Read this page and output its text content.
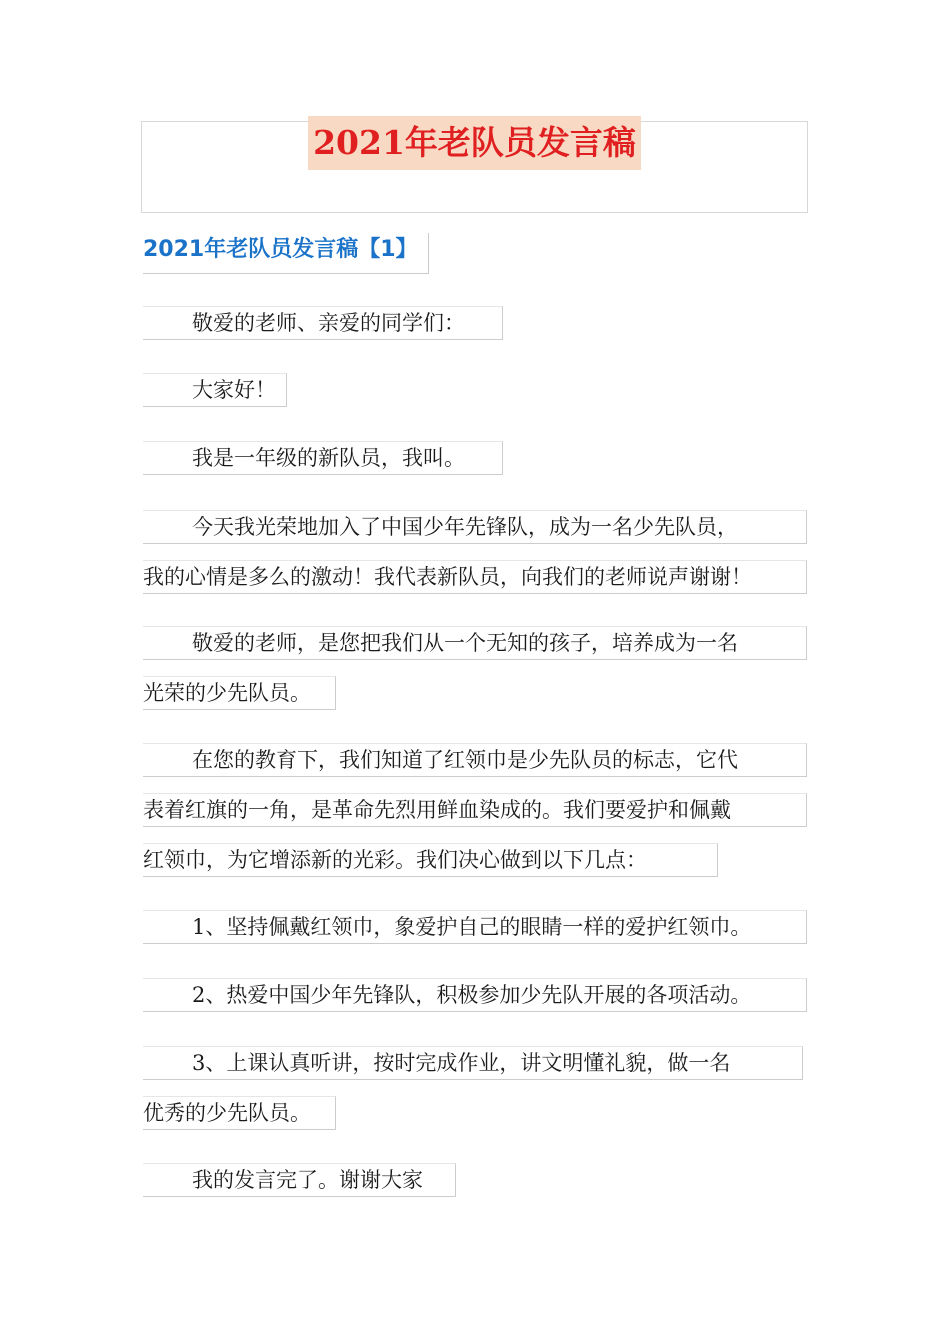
2021年老队员发言稿
2021年老队员发言稿【1】
敬爱的老师、亲爱的同学们：
大家好！
我是一年级的新队员，我叫。
今天我光荣地加入了中国少年先锋队，成为一名少先队员，
我的心情是多么的激动！我代表新队员，向我们的老师说声谢谢！
敬爱的老师，是您把我们从一个无知的孩子，培养成为一名
光荣的少先队员。
在您的教育下，我们知道了红领巾是少先队员的标志，它代
表着红旗的一角，是革命先烈用鲜血染成的。我们要爱护和佩戴
红领巾，为它增添新的光彩。我们决心做到以下几点：
1、坚持佩戴红领巾，象爱护自己的眼睛一样的爱护红领巾。
2、热爱中国少年先锋队，积极参加少先队开展的各项活动。
3、上课认真听讲，按时完成作业，讲文明懂礼貌，做一名
优秀的少先队员。
我的发言完了。谢谢大家
